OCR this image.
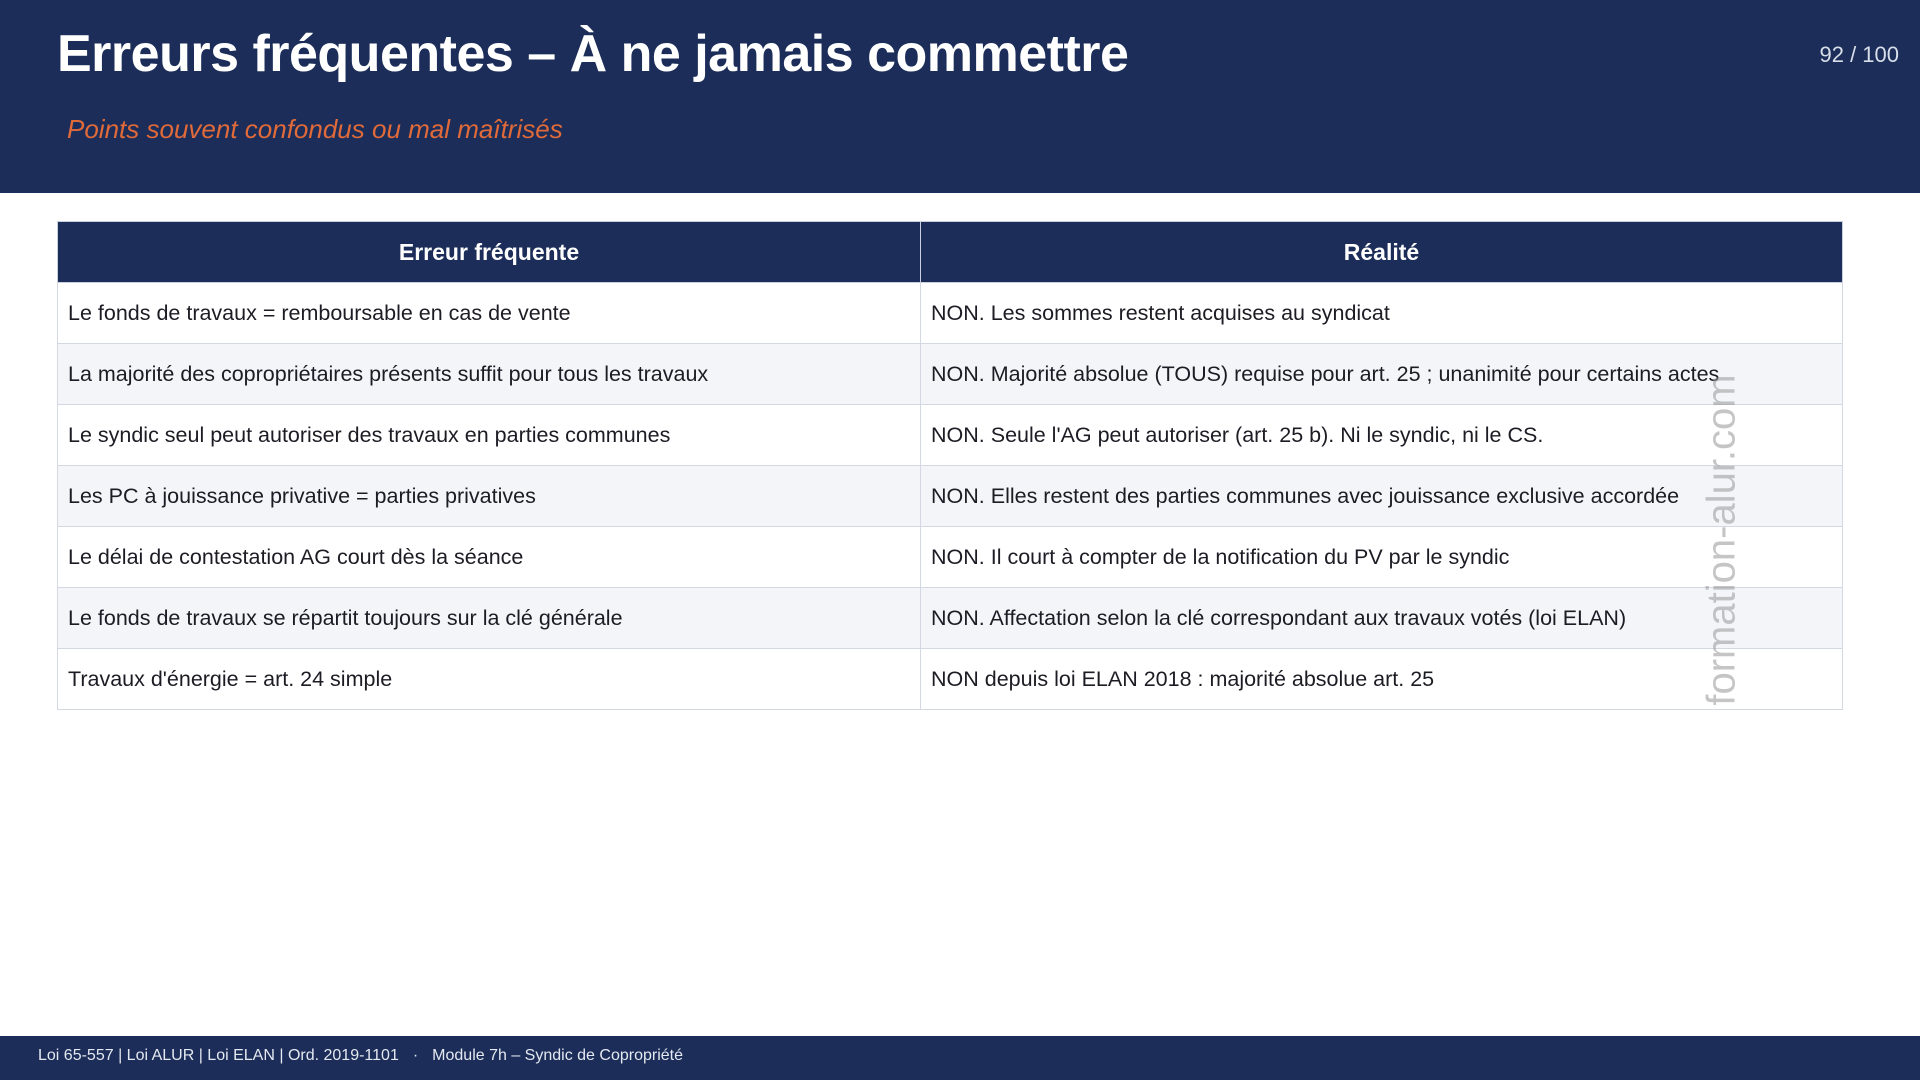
Erreurs fréquentes – À ne jamais commettre
Points souvent confondus ou mal maîtrisés
92 / 100
Erreur fréquente	Réalité
Le fonds de travaux = remboursable en cas de vente	NON. Les sommes restent acquises au syndicat
La majorité des copropriétaires présents suffit pour tous les travaux	NON. Majorité absolue (TOUS) requise pour art. 25 ; unanimité pour certains actes
Le syndic seul peut autoriser des travaux en parties communes	NON. Seule l'AG peut autoriser (art. 25 b). Ni le syndic, ni le CS.
Les PC à jouissance privative = parties privatives	NON. Elles restent des parties communes avec jouissance exclusive accordée
Le délai de contestation AG court dès la séance	NON. Il court à compter de la notification du PV par le syndic
Le fonds de travaux se répartit toujours sur la clé générale	NON. Affectation selon la clé correspondant aux travaux votés (loi ELAN)
Travaux d'énergie = art. 24 simple	NON depuis loi ELAN 2018 : majorité absolue art. 25	formation-alur.com
Loi 65-557 | Loi ALUR | Loi ELAN | Ord. 2019-1101 · Module 7h – Syndic de Copropriété
